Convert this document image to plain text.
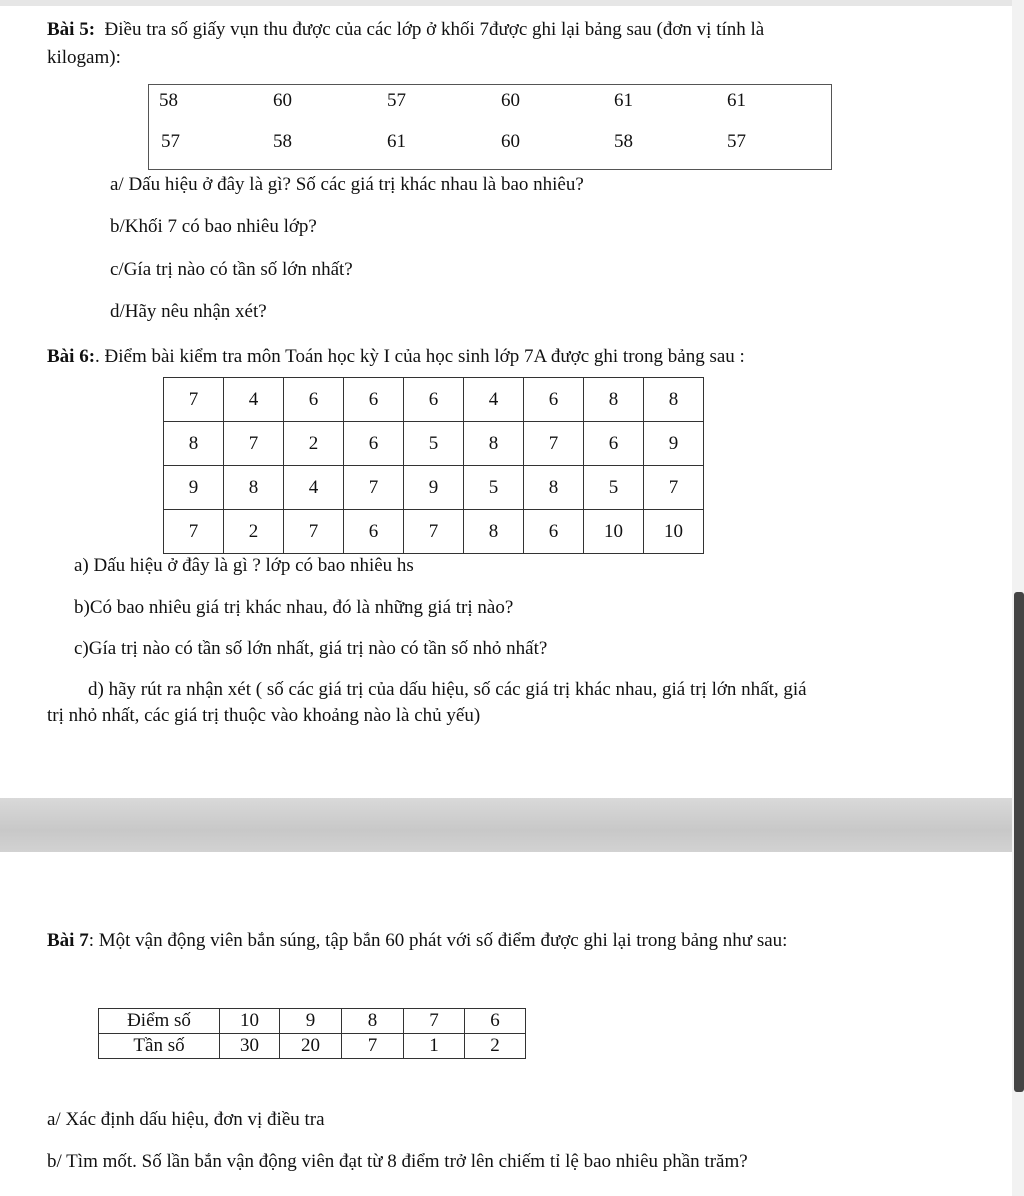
Bài 5: Điều tra số giấy vụn thu được của các lớp ở khối 7được ghi lại bảng sau (đơn vị tính là

kilogam):

58	60	57	60	61	61
57	58	61	60	58	57

a/ Dấu hiệu ở đây là gì? Số các giá trị khác nhau là bao nhiêu?

b/Khối 7 có bao nhiêu lớp?

c/Gía trị nào có tần số lớn nhất?

d/Hãy nêu nhận xét?

Bài 6:. Điểm bài kiểm tra môn Toán học kỳ I của học sinh lớp 7A được ghi trong bảng sau :

7	4	6	6	6	4	6	8	8
8	7	2	6	5	8	7	6	9
9	8	4	7	9	5	8	5	7
7	2	7	6	7	8	6	10	10

a) Dấu hiệu ở đây là gì ? lớp có bao nhiêu hs

b)Có bao nhiêu giá trị khác nhau, đó là những giá trị nào?

c)Gía trị nào có tần số lớn nhất, giá trị nào có tần số nhỏ nhất?

d) hãy rút ra nhận xét ( số các giá trị của dấu hiệu, số các giá trị khác nhau, giá trị lớn nhất, giá

trị nhỏ nhất, các giá trị thuộc vào khoảng nào là chủ yếu)

Bài 7: Một vận động viên bắn súng, tập bắn 60 phát với số điểm được ghi lại trong bảng như sau:

Điểm số	10	9	8	7	6
Tần số	30	20	7	1	2

a/ Xác định dấu hiệu, đơn vị điều tra

b/ Tìm mốt. Số lần bắn vận động viên đạt từ 8 điểm trở lên chiếm tỉ lệ bao nhiêu phần trăm?
